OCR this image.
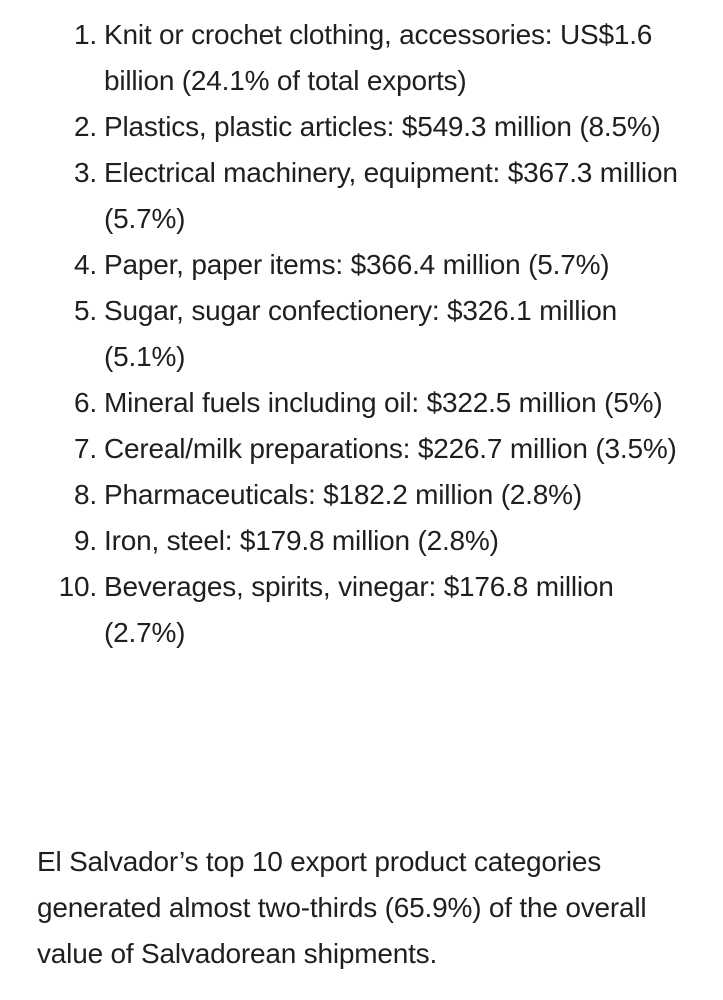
1. Knit or crochet clothing, accessories: US$1.6 billion (24.1% of total exports)
2. Plastics, plastic articles: $549.3 million (8.5%)
3. Electrical machinery, equipment: $367.3 million (5.7%)
4. Paper, paper items: $366.4 million (5.7%)
5. Sugar, sugar confectionery: $326.1 million (5.1%)
6. Mineral fuels including oil: $322.5 million (5%)
7. Cereal/milk preparations: $226.7 million (3.5%)
8. Pharmaceuticals: $182.2 million (2.8%)
9. Iron, steel: $179.8 million (2.8%)
10. Beverages, spirits, vinegar: $176.8 million (2.7%)

El Salvador’s top 10 export product categories generated almost two-thirds (65.9%) of the overall value of Salvadorean shipments.
